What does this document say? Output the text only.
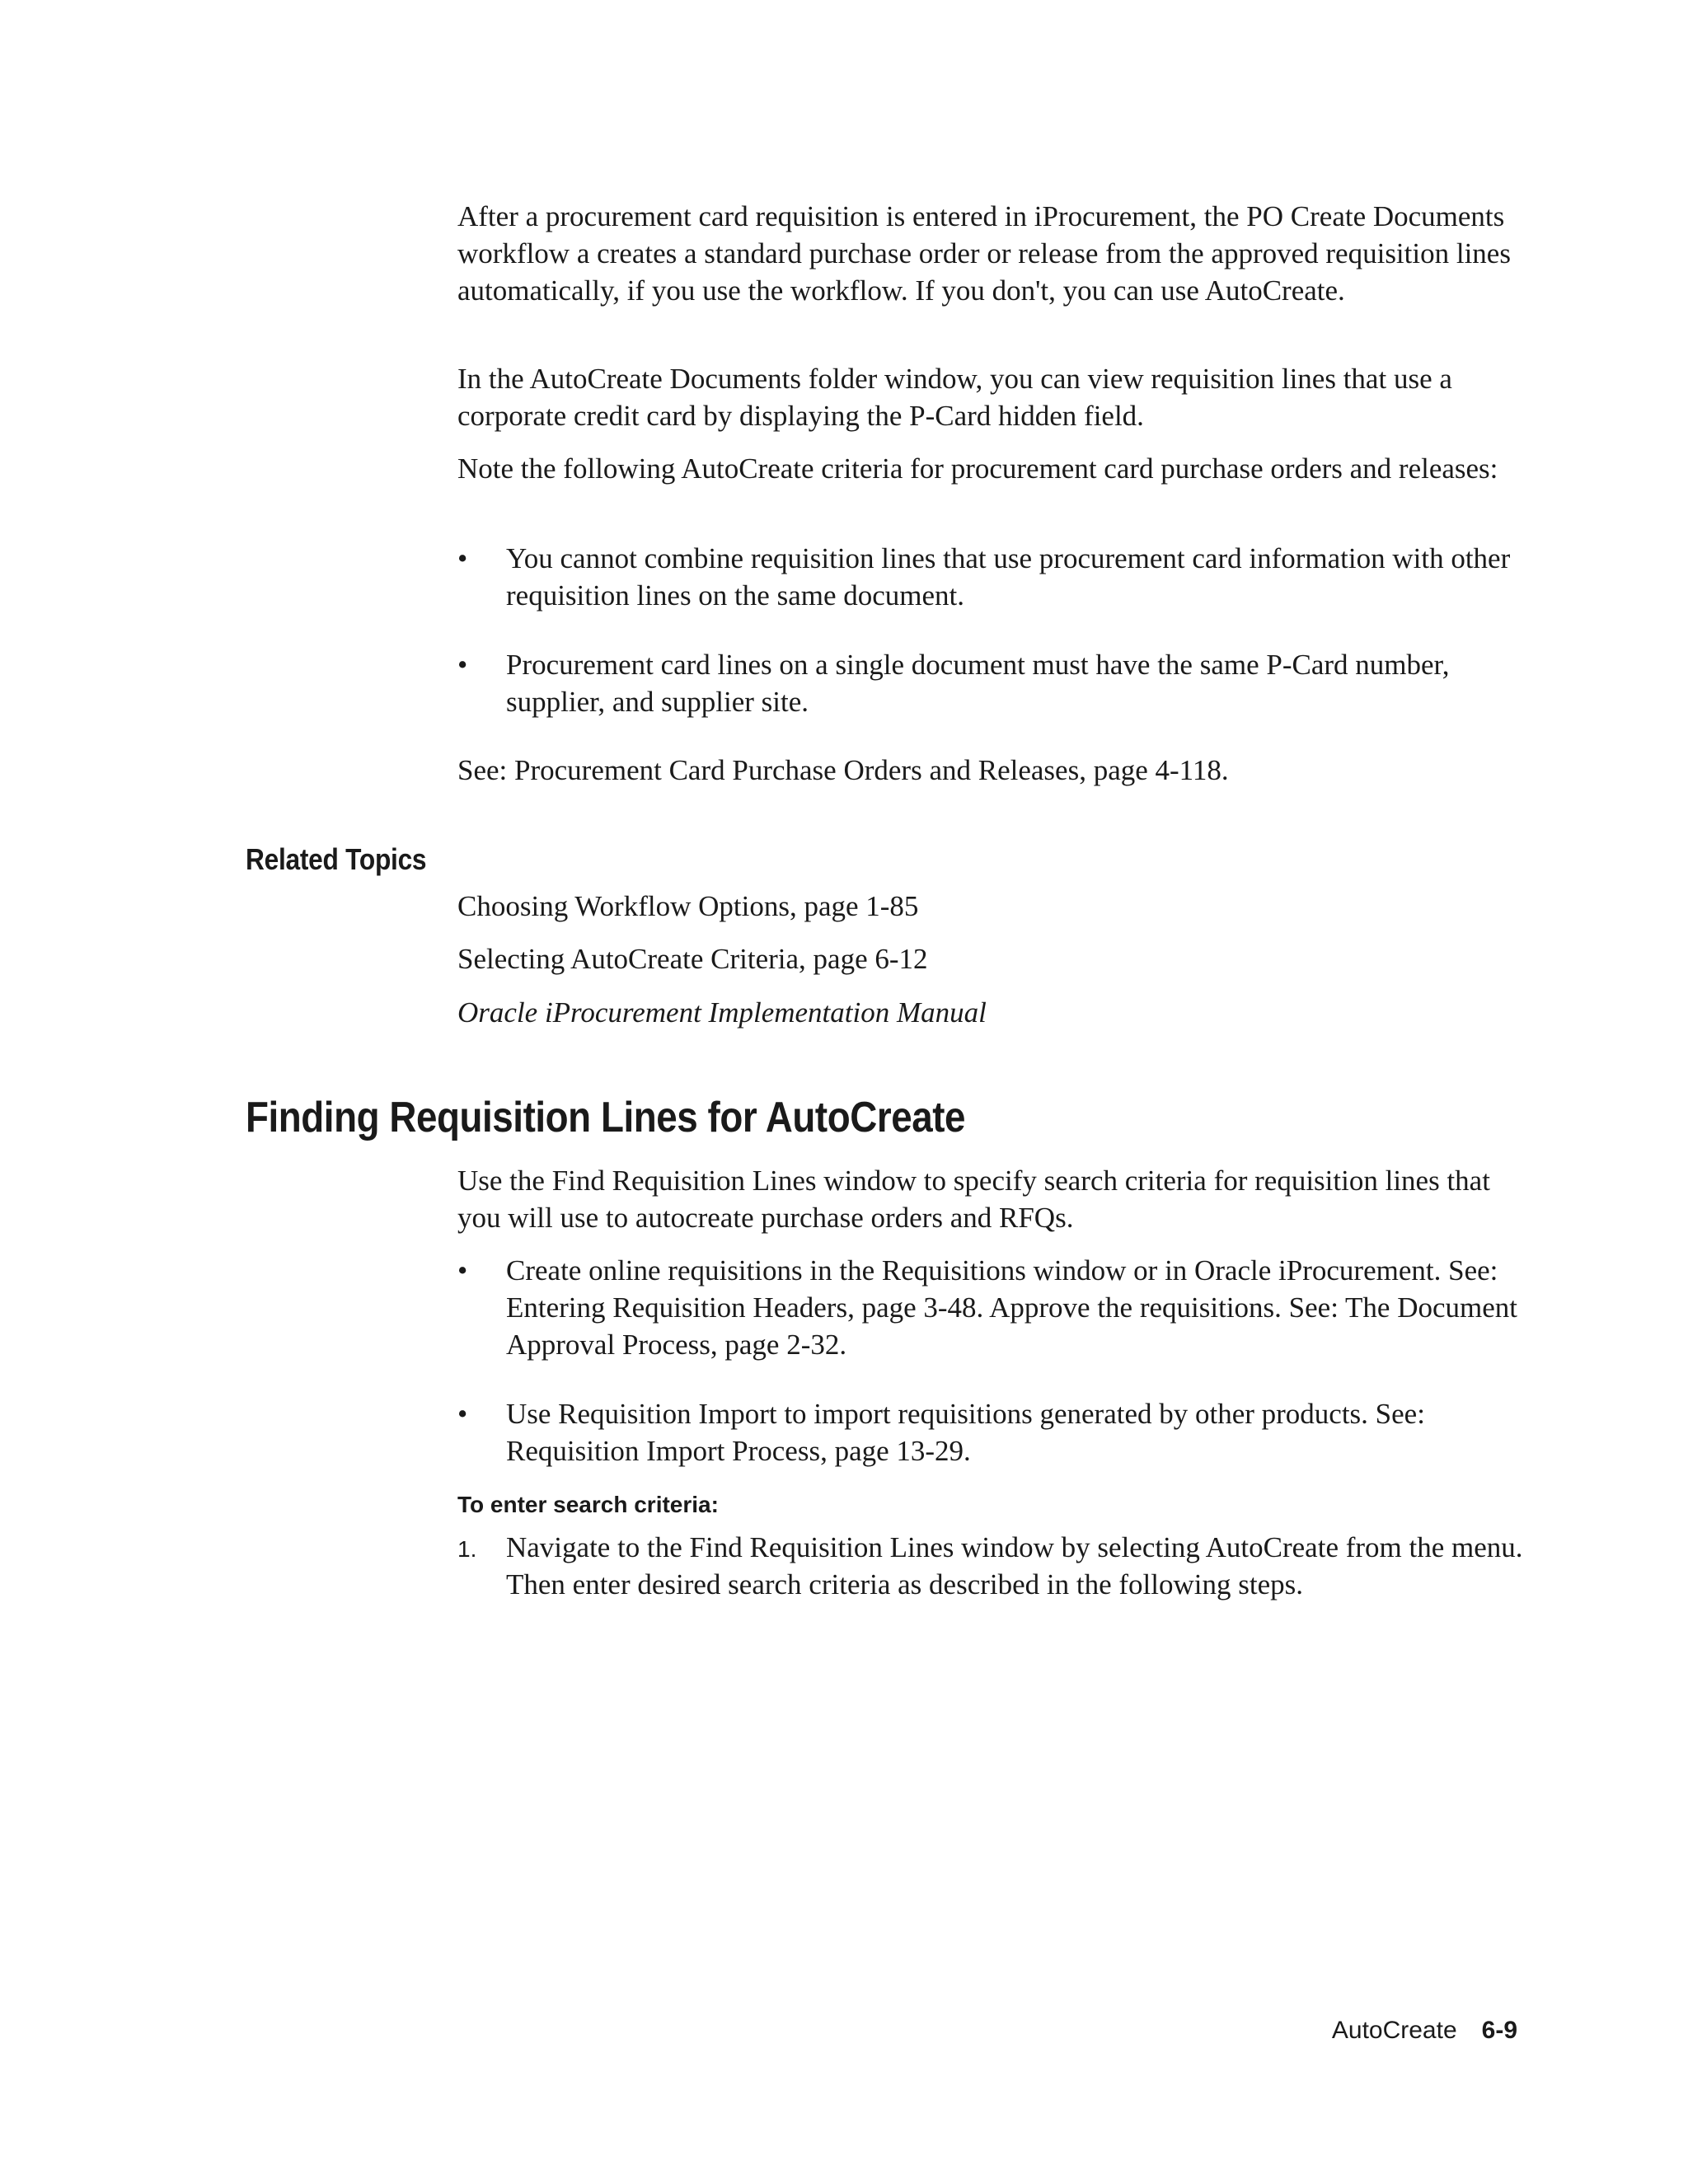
After a procurement card requisition is entered in iProcurement, the PO Create Documents workflow a creates a standard purchase order or release from the approved requisition lines automatically, if you use the workflow. If you don't, you can use AutoCreate.

In the AutoCreate Documents folder window, you can view requisition lines that use a corporate credit card by displaying the P-Card hidden field.

Note the following AutoCreate criteria for procurement card purchase orders and releases:

• You cannot combine requisition lines that use procurement card information with other requisition lines on the same document.
• Procurement card lines on a single document must have the same P-Card number, supplier, and supplier site.

See: Procurement Card Purchase Orders and Releases, page 4-118.

Related Topics

Choosing Workflow Options, page 1-85

Selecting AutoCreate Criteria, page 6-12

Oracle iProcurement Implementation Manual

Finding Requisition Lines for AutoCreate

Use the Find Requisition Lines window to specify search criteria for requisition lines that you will use to autocreate purchase orders and RFQs.

• Create online requisitions in the Requisitions window or in Oracle iProcurement. See: Entering Requisition Headers, page 3-48. Approve the requisitions. See: The Document Approval Process, page 2-32.
• Use Requisition Import to import requisitions generated by other products. See: Requisition Import Process, page 13-29.
To enter search criteria:
1. Navigate to the Find Requisition Lines window by selecting AutoCreate from the menu. Then enter desired search criteria as described in the following steps.
AutoCreate 6-9
